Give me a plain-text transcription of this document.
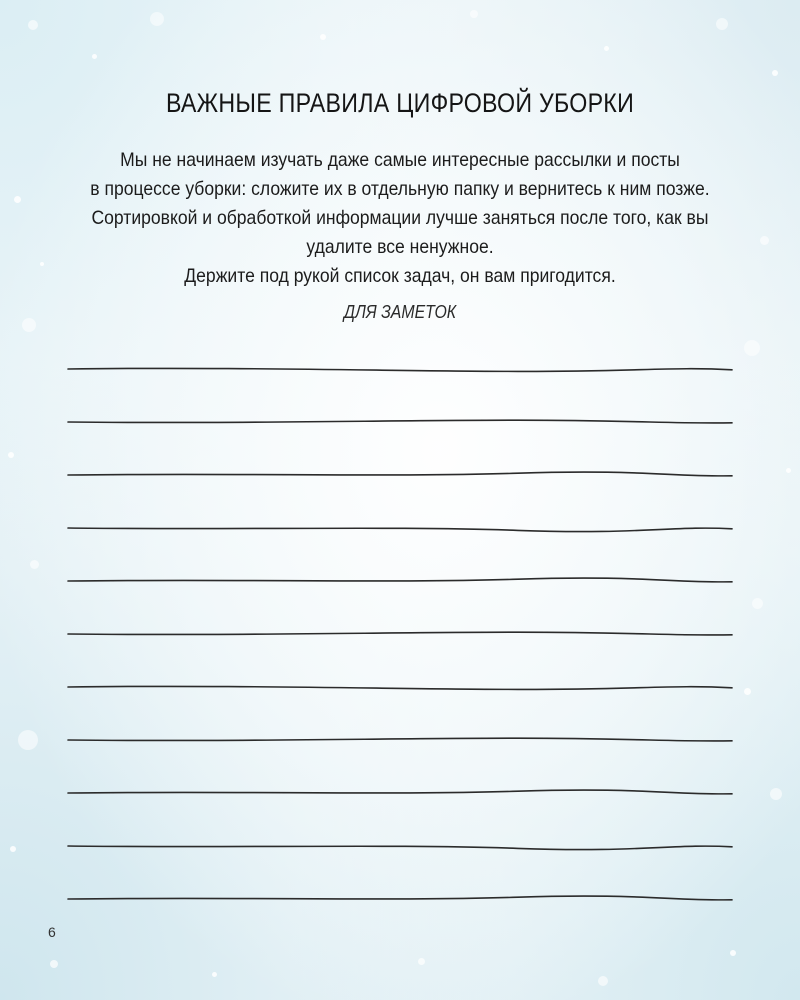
ВАЖНЫЕ ПРАВИЛА ЦИФРОВОЙ УБОРКИ
Мы не начинаем изучать даже самые интересные рассылки и посты
в процессе уборки: сложите их в отдельную папку и вернитесь к ним позже.
Сортировкой и обработкой информации лучше заняться после того, как вы
удалите все ненужное.
Держите под рукой список задач, он вам пригодится.
ДЛЯ ЗАМЕТОК
6
